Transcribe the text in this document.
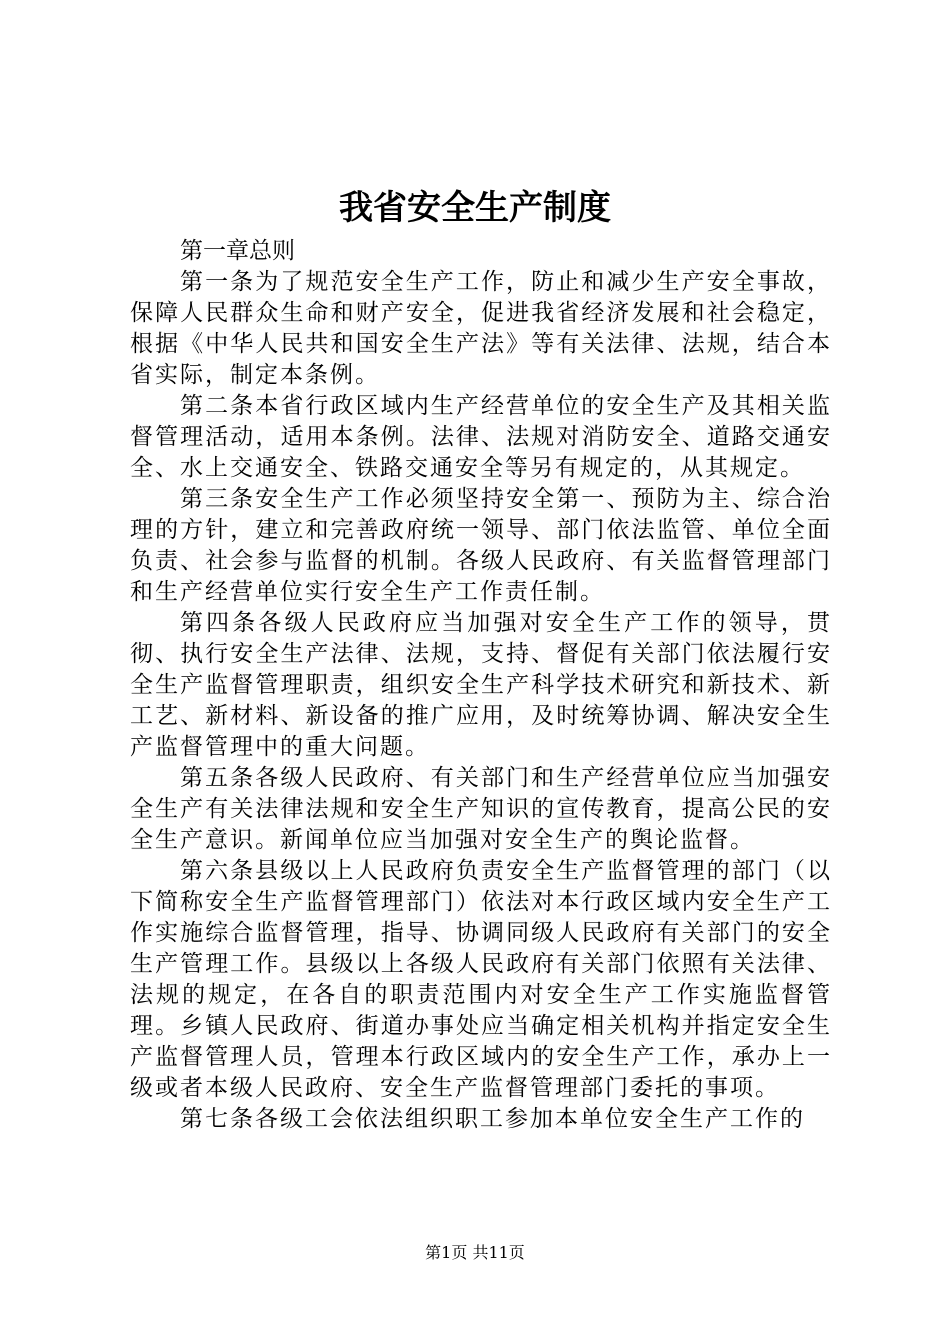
我省安全生产制度

第一章总则

第一条为了规范安全生产工作，防止和减少生产安全事故，保障人民群众生命和财产安全，促进我省经济发展和社会稳定，根据《中华人民共和国安全生产法》等有关法律、法规，结合本省实际，制定本条例。

第二条本省行政区域内生产经营单位的安全生产及其相关监督管理活动，适用本条例。法律、法规对消防安全、道路交通安全、水上交通安全、铁路交通安全等另有规定的，从其规定。

第三条安全生产工作必须坚持安全第一、预防为主、综合治理的方针，建立和完善政府统一领导、部门依法监管、单位全面负责、社会参与监督的机制。各级人民政府、有关监督管理部门和生产经营单位实行安全生产工作责任制。

第四条各级人民政府应当加强对安全生产工作的领导，贯彻、执行安全生产法律、法规，支持、督促有关部门依法履行安全生产监督管理职责，组织安全生产科学技术研究和新技术、新工艺、新材料、新设备的推广应用，及时统筹协调、解决安全生产监督管理中的重大问题。

第五条各级人民政府、有关部门和生产经营单位应当加强安全生产有关法律法规和安全生产知识的宣传教育，提高公民的安全生产意识。新闻单位应当加强对安全生产的舆论监督。

第六条县级以上人民政府负责安全生产监督管理的部门（以下简称安全生产监督管理部门）依法对本行政区域内安全生产工作实施综合监督管理，指导、协调同级人民政府有关部门的安全生产管理工作。县级以上各级人民政府有关部门依照有关法律、法规的规定，在各自的职责范围内对安全生产工作实施监督管理。乡镇人民政府、街道办事处应当确定相关机构并指定安全生产监督管理人员，管理本行政区域内的安全生产工作，承办上一级或者本级人民政府、安全生产监督管理部门委托的事项。

第七条各级工会依法组织职工参加本单位安全生产工作的

第1页 共11页
